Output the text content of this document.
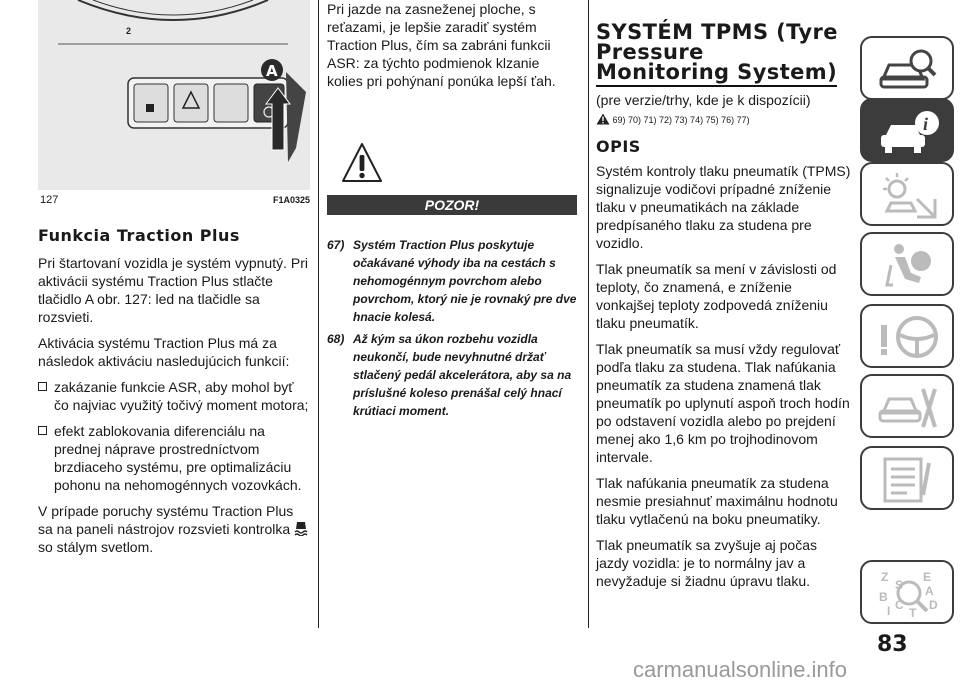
2
A
127	F1A0325
Funkcia Traction Plus

Pri štartovaní vozidla je systém vypnutý. Pri aktivácii systému Traction Plus stlačte tlačidlo A obr. 127: led na tlačidle sa rozsvieti.

Aktivácia systému Traction Plus má za následok aktiváciu nasledujúcich funkcií:

zakázanie funkcie ASR, aby mohol byť čo najviac využitý točivý moment motora;
efekt zablokovania diferenciálu na prednej náprave prostredníctvom brzdiaceho systému, pre optimalizáciu pohonu na nehomogénnych vozovkách.

V prípade poruchy systému Traction Plus sa na paneli nástrojov rozsvieti kontrolka  so stálym svetlom.

Pri jazde na zasneženej ploche, s reťazami, je lepšie zaradiť systém Traction Plus, čím sa zabráni funkcii ASR: za týchto podmienok klzanie kolies pri pohýnaní ponúka lepší ťah.

POZOR!
67) Systém Traction Plus poskytuje očakávané výhody iba na cestách s nehomogénnym povrchom alebo povrchom, ktorý nie je rovnaký pre dve hnacie kolesá.
68) Až kým sa úkon rozbehu vozidla neukončí, bude nevyhnutné držať stlačený pedál akcelerátora, aby sa na príslušné koleso prenášal celý hnací krútiaci moment.
SYSTÉM TPMS (Tyre
Pressure
Monitoring System)

(pre verzie/trhy, kde je k dispozícii)

69) 70) 71) 72) 73) 74) 75) 76) 77)
OPIS

Systém kontroly tlaku pneumatík (TPMS) signalizuje vodičovi prípadné zníženie tlaku v pneumatikách na základe predpísaného tlaku za studena pre vozidlo.

Tlak pneumatík sa mení v závislosti od teploty, čo znamená, e zníženie vonkajšej teploty zodpovedá zníženiu tlaku pneumatík.

Tlak pneumatík sa musí vždy regulovať podľa tlaku za studena. Tlak nafúkania pneumatík za studena znamená tlak pneumatík po uplynutí aspoň troch hodín po odstavení vozidla alebo po prejdení menej ako 1,6 km po trojhodinovom intervale.

Tlak nafúkania pneumatík za studena nesmie presiahnuť maximálnu hodnotu tlaku vytlačenú na boku pneumatiky.

Tlak pneumatík sa zvyšuje aj počas jazdy vozidla: je to normálny jav a nevyžaduje si žiadnu úpravu tlaku.

i
Z	E
S
B	A
I C
T
D
83
carmanualsonline.info
